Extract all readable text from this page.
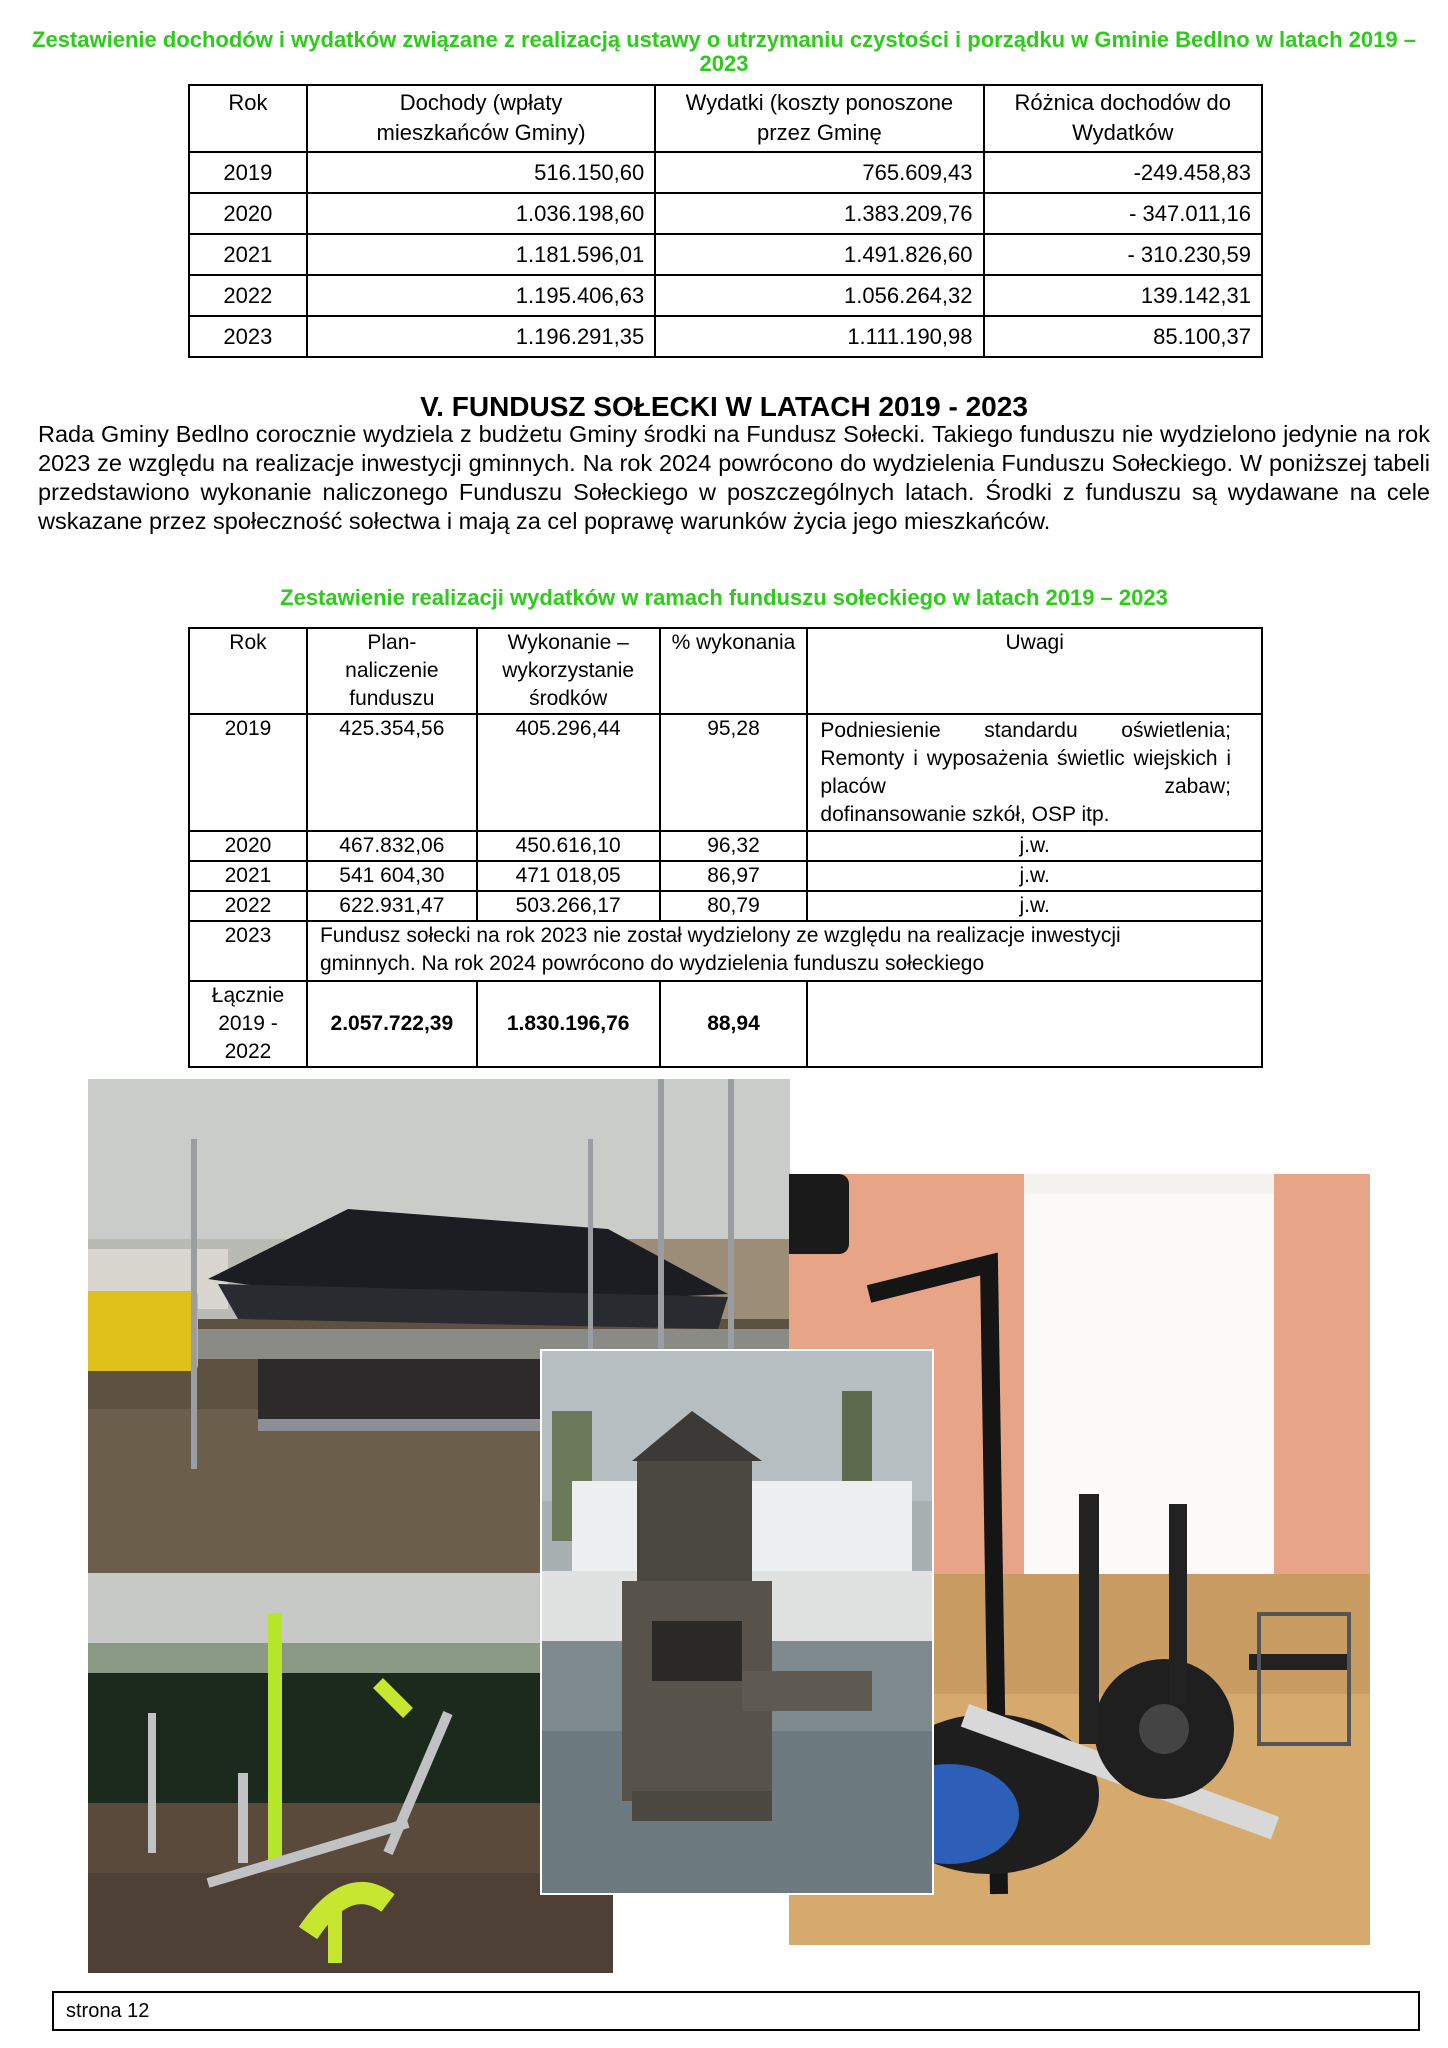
Zestawienie dochodów i wydatków związane z realizacją ustawy o utrzymaniu czystości i porządku w Gminie Bedlno w latach 2019 – 2023
Rok	Dochody (wpłaty mieszkańców Gminy)	Wydatki (koszty ponoszone przez Gminę	Różnica dochodów do Wydatków
2019	516.150,60	765.609,43	-249.458,83
2020	1.036.198,60	1.383.209,76	- 347.011,16
2021	1.181.596,01	1.491.826,60	- 310.230,59
2022	1.195.406,63	1.056.264,32	139.142,31
2023	1.196.291,35	1.111.190,98	85.100,37
V. FUNDUSZ SOŁECKI W LATACH 2019 - 2023
Rada Gminy Bedlno corocznie wydziela z budżetu Gminy środki na Fundusz Sołecki. Takiego funduszu nie wydzielono jedynie na rok 2023 ze względu na realizacje inwestycji gminnych. Na rok 2024 powrócono do wydzielenia Funduszu Sołeckiego. W poniższej tabeli przedstawiono wykonanie naliczonego Funduszu Sołeckiego w poszczególnych latach. Środki z funduszu są wydawane na cele wskazane przez społeczność sołectwa i mają za cel poprawę warunków życia jego mieszkańców.
Zestawienie realizacji wydatków w ramach funduszu sołeckiego w latach 2019 – 2023
Rok	Plan- naliczenie funduszu	Wykonanie – wykorzystanie środków	% wykonania	Uwagi
2019	425.354,56	405.296,44	95,28	Podniesienie standardu oświetlenia; Remonty i wyposażenia świetlic wiejskich i placów zabaw;

dofinansowanie szkół, OSP itp.

2020	467.832,06	450.616,10	96,32	j.w.
2021	541 604,30	471 018,05	86,97	j.w.
2022	622.931,47	503.266,17	80,79	j.w.
2023	Fundusz sołecki na rok 2023 nie został wydzielony ze względu na realizacje inwestycji gminnych. Na rok 2024 powrócono do wydzielenia funduszu sołeckiego			
Łącznie 2019 - 2022	2.057.722,39	1.830.196,76	88,94	
strona 12
